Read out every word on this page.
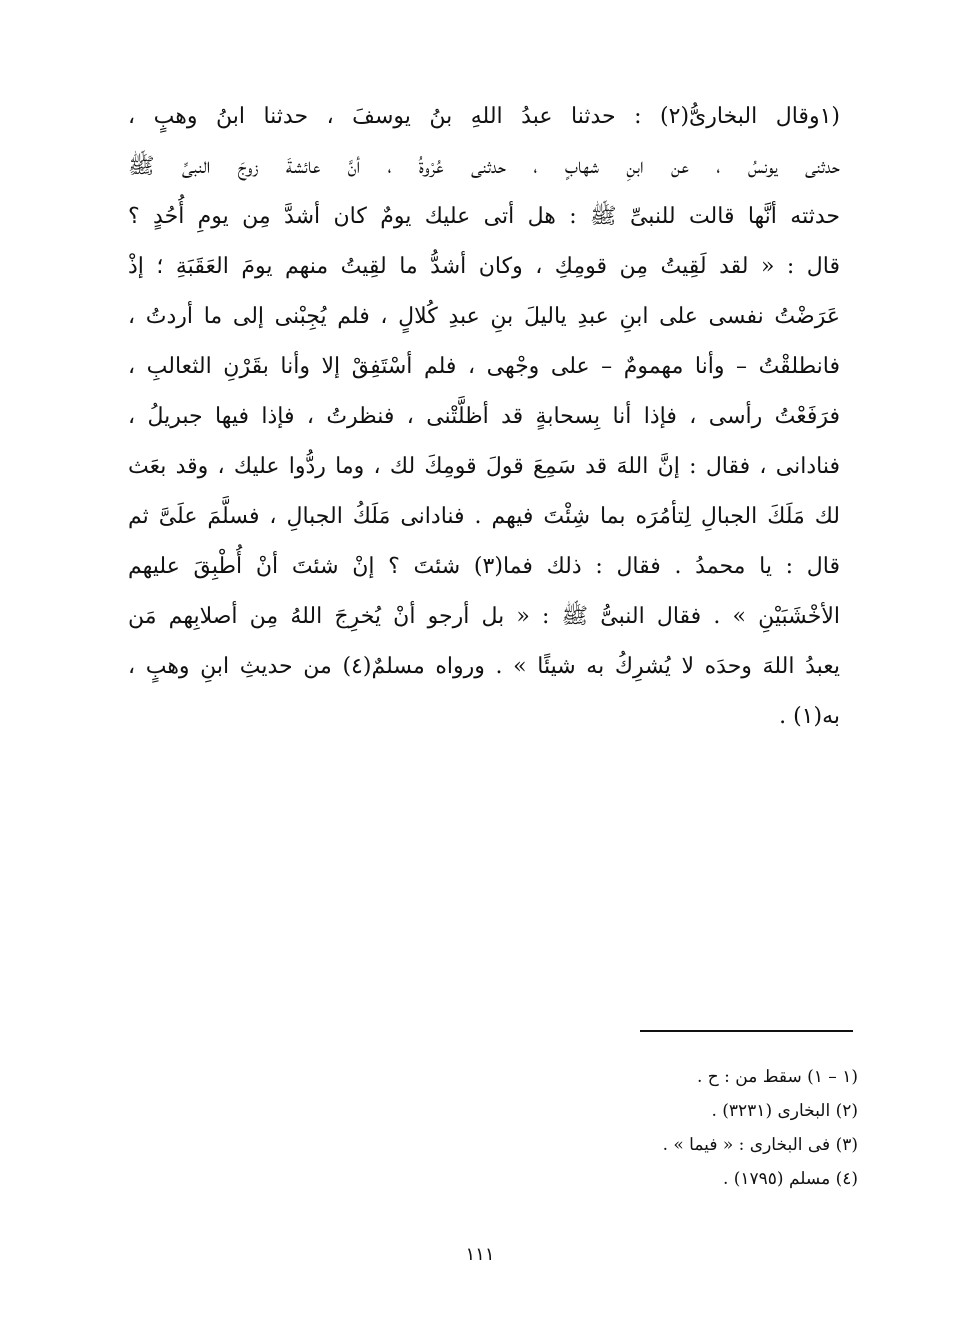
(١وقال البخارىُّ(٢) : حدثنا عبدُ اللهِ بنُ يوسفَ ، حدثنا ابنُ وهبٍ ،
حدثنى يونسُ ، عن ابنِ شهابٍ ، حدثنى عُرْوةُ ، أنَّ عائشةَ زوجَ النبىِّ ﷺ
حدثته أنَّها قالت للنبىِّ ﷺ : هل أتى عليك يومٌ كان أشدَّ مِن يومِ أُحُدٍ ؟
قال : « لقد لَقِيتُ مِن قومِكِ ، وكان أشدُّ ما لقِيتُ منهم يومَ العَقَبَةِ ؛ إذْ
عَرَضْتُ نفسى على ابنِ عبدِ ياليلَ بنِ عبدِ كُلالٍ ، فلم يُجِبْنى إلى ما أردتُ ،
فانطلقْتُ – وأنا مهمومٌ – على وجْهى ، فلم أسْتَفِقْ إلا وأنا بقَرْنِ الثعالبِ ،
فرَفَعْتُ رأسى ، فإذا أنا بِسحابةٍ قد أظلَّتْنى ، فنظرتُ ، فإذا فيها جبريلُ ،
فنادانى ، فقال : إنَّ اللهَ قد سَمِعَ قولَ قومِكَ لك ، وما ردُّوا عليك ، وقد بعَث
لك مَلَكَ الجبالِ لِتأمُرَه بما شِئْتَ فيهم . فنادانى مَلَكُ الجبالِ ، فسلَّمَ علَىَّ ثم
قال : يا محمدُ . فقال : ذلك فما(٣) شئتَ ؟ إنْ شئتَ أنْ أُطْبِقَ عليهم
الأخْشَبَيْنِ » . فقال النبىُّ ﷺ : « بل أرجو أنْ يُخرِجَ اللهُ مِن أصلابِهم مَن
يعبدُ اللهَ وحدَه لا يُشرِكُ به شيئًا » . ورواه مسلمٌ(٤) من حديثِ ابنِ وهبٍ ،
به(١) .
(١ – ١) سقط من : ح .
(٢) البخارى (٣٢٣١) .
(٣) فى البخارى : « فيما » .
(٤) مسلم (١٧٩٥) .
١١١
